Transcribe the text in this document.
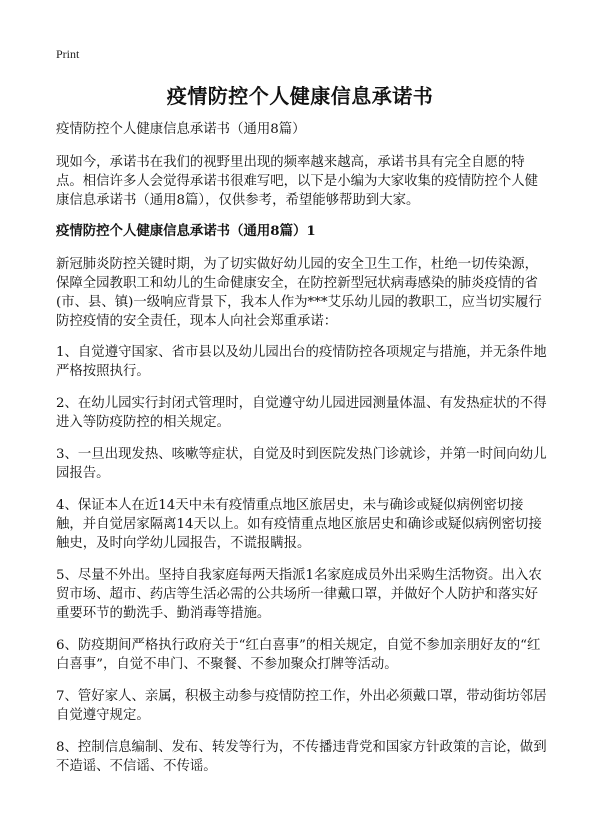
Print
疫情防控个人健康信息承诺书

疫情防控个人健康信息承诺书（通用8篇）

现如今，承诺书在我们的视野里出现的频率越来越高，承诺书具有完全自愿的特点。相信许多人会觉得承诺书很难写吧，以下是小编为大家收集的疫情防控个人健康信息承诺书（通用8篇），仅供参考，希望能够帮助到大家。

疫情防控个人健康信息承诺书（通用8篇）1

新冠肺炎防控关键时期，为了切实做好幼儿园的安全卫生工作，杜绝一切传染源，保障全园教职工和幼儿的生命健康安全，在防控新型冠状病毒感染的肺炎疫情的省(市、县、镇)一级响应背景下，我本人作为***艾乐幼儿园的教职工，应当切实履行防控疫情的安全责任，现本人向社会郑重承诺：

1、自觉遵守国家、省市县以及幼儿园出台的疫情防控各项规定与措施，并无条件地严格按照执行。

2、在幼儿园实行封闭式管理时，自觉遵守幼儿园进园测量体温、有发热症状的不得进入等防疫防控的相关规定。

3、一旦出现发热、咳嗽等症状，自觉及时到医院发热门诊就诊，并第一时间向幼儿园报告。

4、保证本人在近14天中未有疫情重点地区旅居史，未与确诊或疑似病例密切接触，并自觉居家隔离14天以上。如有疫情重点地区旅居史和确诊或疑似病例密切接触史，及时向学幼儿园报告，不谎报瞒报。

5、尽量不外出。坚持自我家庭每两天指派1名家庭成员外出采购生活物资。出入农贸市场、超市、药店等生活必需的公共场所一律戴口罩，并做好个人防护和落实好重要环节的勤洗手、勤消毒等措施。

6、防疫期间严格执行政府关于“红白喜事”的相关规定，自觉不参加亲朋好友的“红白喜事”，自觉不串门、不聚餐、不参加聚众打牌等活动。

7、管好家人、亲属，积极主动参与疫情防控工作，外出必须戴口罩，带动街坊邻居自觉遵守规定。

8、控制信息编制、发布、转发等行为，不传播违背党和国家方针政策的言论，做到不造谣、不信谣、不传谣。
